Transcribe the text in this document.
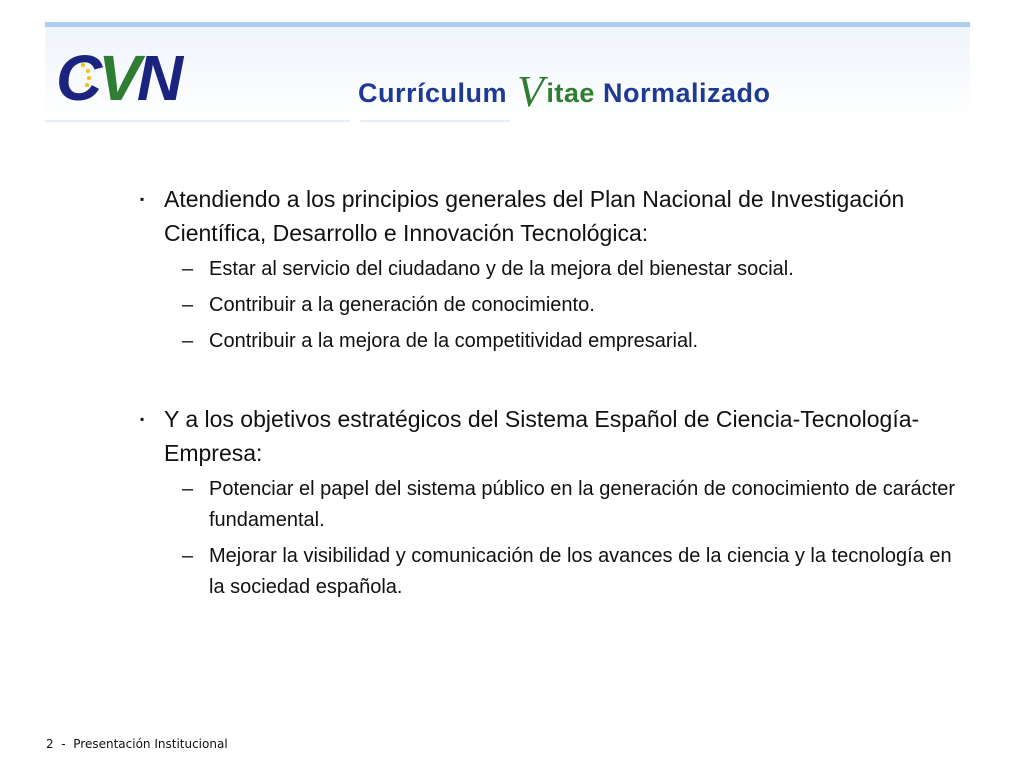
CVN	Currículum Vitae Normalizado
▪ Atendiendo a los principios generales del Plan Nacional de Investigación Científica, Desarrollo e Innovación Tecnológica:
– Estar al servicio del ciudadano y de la mejora del bienestar social.
– Contribuir a la generación de conocimiento.
– Contribuir a la mejora de la competitividad empresarial.
▪ Y a los objetivos estratégicos del Sistema Español de Ciencia-Tecnología-Empresa:
– Potenciar el papel del sistema público en la generación de conocimiento de carácter fundamental.
– Mejorar la visibilidad y comunicación de los avances de la ciencia y la tecnología en la sociedad española.
2 - Presentación Institucional
